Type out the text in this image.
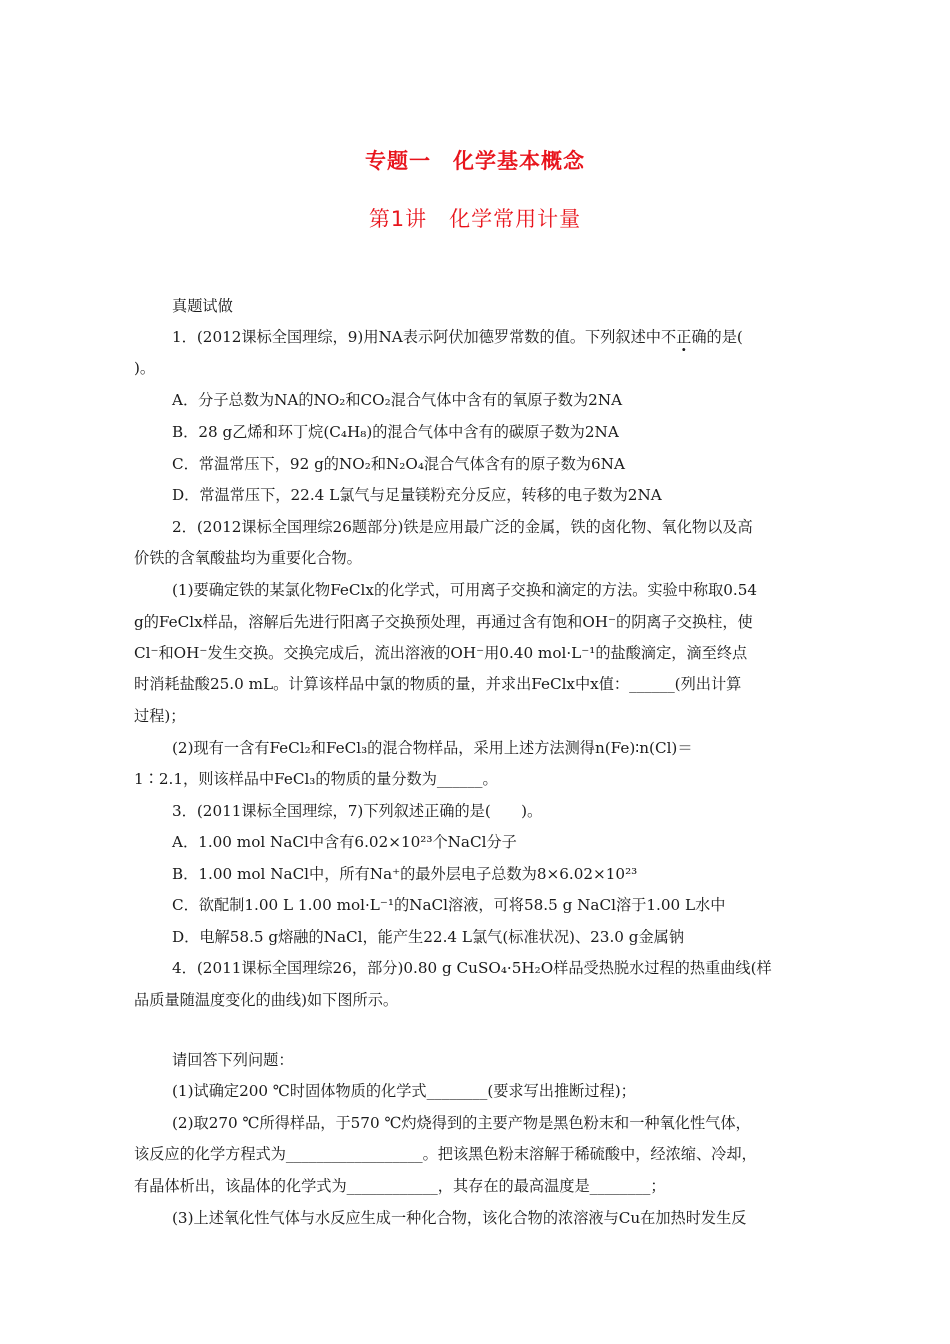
专题一　化学基本概念
第1讲　化学常用计量
真题试做
1．(2012课标全国理综，9)用NA表示阿伏加德罗常数的值。下列叙述中不正确的是(
)。
A．分子总数为NA的NO₂和CO₂混合气体中含有的氧原子数为2NA
B．28 g乙烯和环丁烷(C₄H₈)的混合气体中含有的碳原子数为2NA
C．常温常压下，92 g的NO₂和N₂O₄混合气体含有的原子数为6NA
D．常温常压下，22.4 L氯气与足量镁粉充分反应，转移的电子数为2NA
2．(2012课标全国理综26题部分)铁是应用最广泛的金属，铁的卤化物、氧化物以及高
价铁的含氧酸盐均为重要化合物。
(1)要确定铁的某氯化物FeClx的化学式，可用离子交换和滴定的方法。实验中称取0.54
g的FeClx样品，溶解后先进行阳离子交换预处理，再通过含有饱和OH⁻的阴离子交换柱，使
Cl⁻和OH⁻发生交换。交换完成后，流出溶液的OH⁻用0.40 mol·L⁻¹的盐酸滴定，滴至终点
时消耗盐酸25.0 mL。计算该样品中氯的物质的量，并求出FeClx中x值：______(列出计算
过程)；
(2)现有一含有FeCl₂和FeCl₃的混合物样品，采用上述方法测得n(Fe)∶n(Cl)＝
1∶2.1，则该样品中FeCl₃的物质的量分数为______。
3．(2011课标全国理综，7)下列叙述正确的是(　　)。
A．1.00 mol NaCl中含有6.02×10²³个NaCl分子
B．1.00 mol NaCl中，所有Na⁺的最外层电子总数为8×6.02×10²³
C．欲配制1.00 L 1.00 mol·L⁻¹的NaCl溶液，可将58.5 g NaCl溶于1.00 L水中
D．电解58.5 g熔融的NaCl，能产生22.4 L氯气(标准状况)、23.0 g金属钠
4．(2011课标全国理综26，部分)0.80 g CuSO₄·5H₂O样品受热脱水过程的热重曲线(样
品质量随温度变化的曲线)如下图所示。
请回答下列问题：
(1)试确定200 ℃时固体物质的化学式________(要求写出推断过程)；
(2)取270 ℃所得样品，于570 ℃灼烧得到的主要产物是黑色粉末和一种氧化性气体，
该反应的化学方程式为__________________。把该黑色粉末溶解于稀硫酸中，经浓缩、冷却，
有晶体析出，该晶体的化学式为____________，其存在的最高温度是________；
(3)上述氧化性气体与水反应生成一种化合物，该化合物的浓溶液与Cu在加热时发生反
